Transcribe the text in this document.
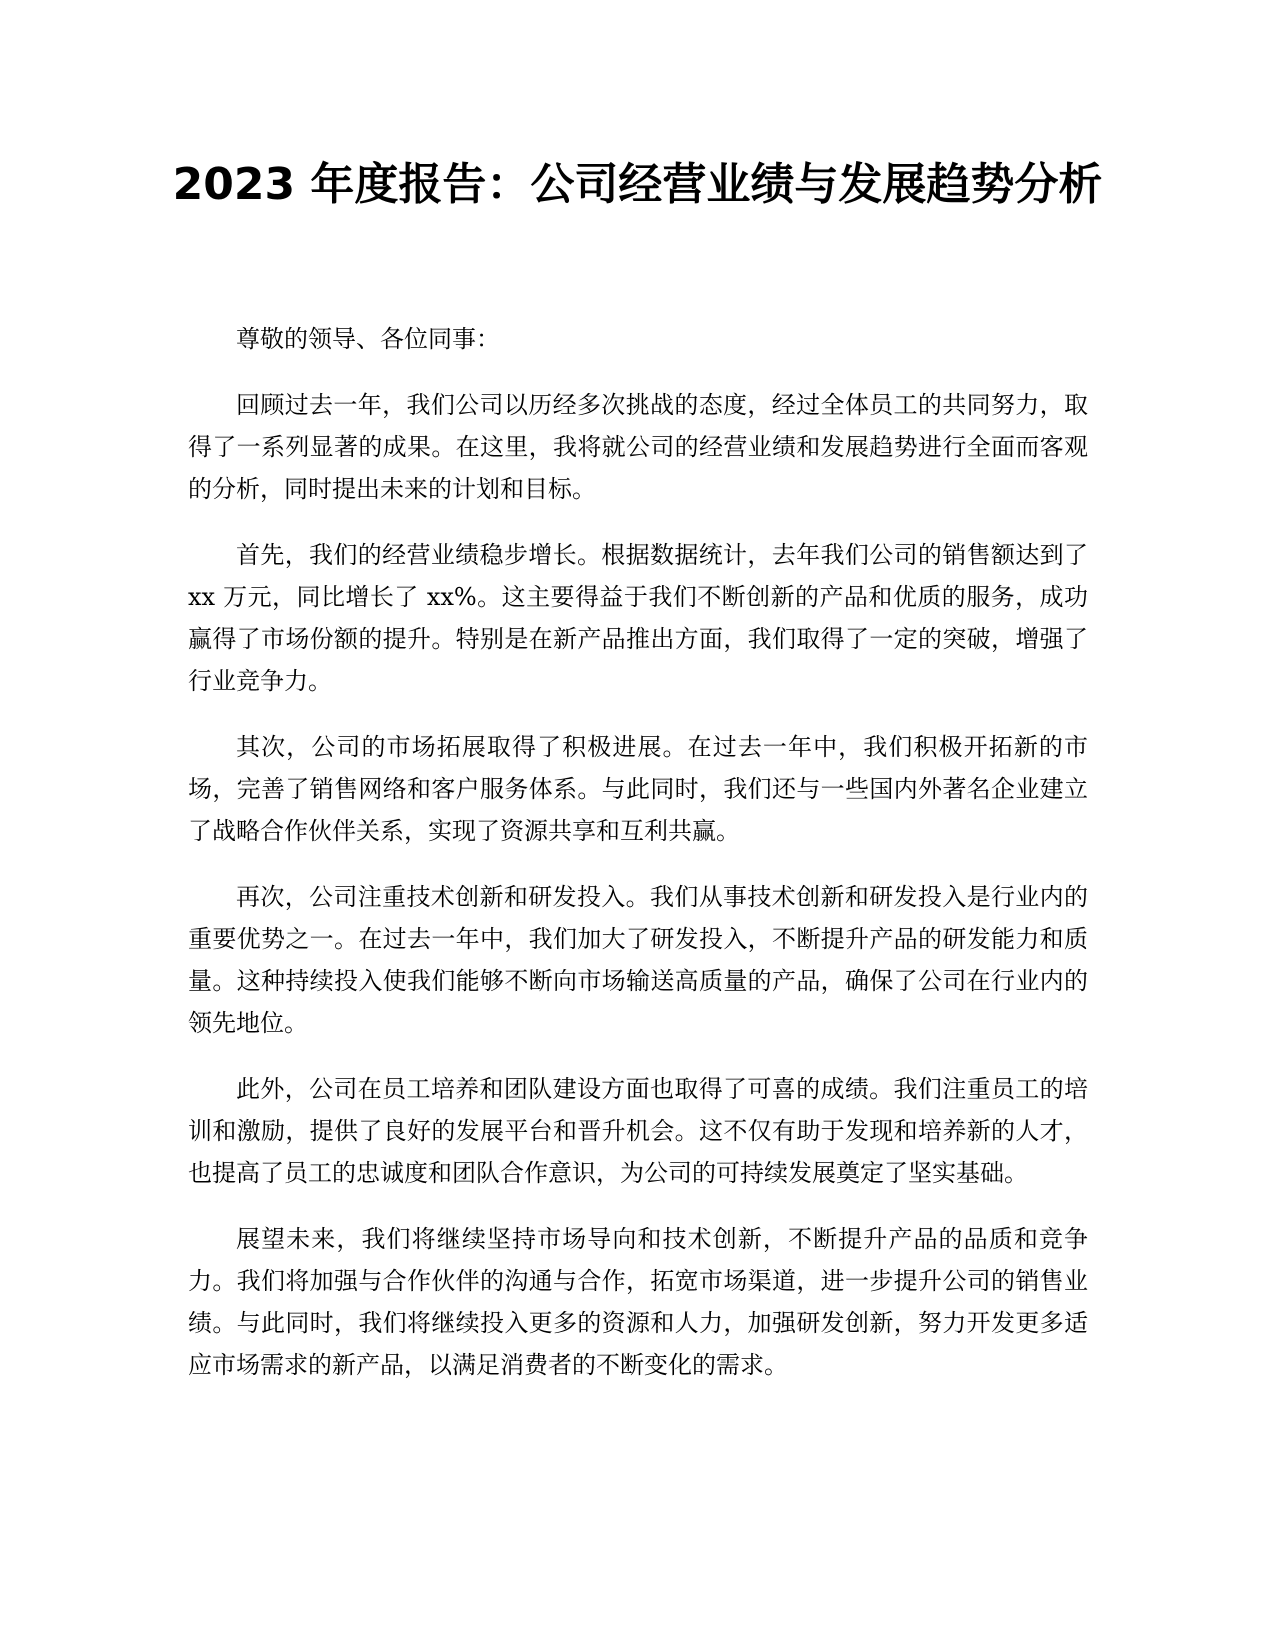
2023 年度报告：公司经营业绩与发展趋势分析

尊敬的领导、各位同事：

回顾过去一年，我们公司以历经多次挑战的态度，经过全体员工的共同努力，取得了一系列显著的成果。在这里，我将就公司的经营业绩和发展趋势进行全面而客观的分析，同时提出未来的计划和目标。

首先，我们的经营业绩稳步增长。根据数据统计，去年我们公司的销售额达到了 xx 万元，同比增长了 xx%。这主要得益于我们不断创新的产品和优质的服务，成功赢得了市场份额的提升。特别是在新产品推出方面，我们取得了一定的突破，增强了行业竞争力。

其次，公司的市场拓展取得了积极进展。在过去一年中，我们积极开拓新的市场，完善了销售网络和客户服务体系。与此同时，我们还与一些国内外著名企业建立了战略合作伙伴关系，实现了资源共享和互利共赢。

再次，公司注重技术创新和研发投入。我们从事技术创新和研发投入是行业内的重要优势之一。在过去一年中，我们加大了研发投入，不断提升产品的研发能力和质量。这种持续投入使我们能够不断向市场输送高质量的产品，确保了公司在行业内的领先地位。

此外，公司在员工培养和团队建设方面也取得了可喜的成绩。我们注重员工的培训和激励，提供了良好的发展平台和晋升机会。这不仅有助于发现和培养新的人才，也提高了员工的忠诚度和团队合作意识，为公司的可持续发展奠定了坚实基础。

展望未来，我们将继续坚持市场导向和技术创新，不断提升产品的品质和竞争力。我们将加强与合作伙伴的沟通与合作，拓宽市场渠道，进一步提升公司的销售业绩。与此同时，我们将继续投入更多的资源和人力，加强研发创新，努力开发更多适应市场需求的新产品，以满足消费者的不断变化的需求。
